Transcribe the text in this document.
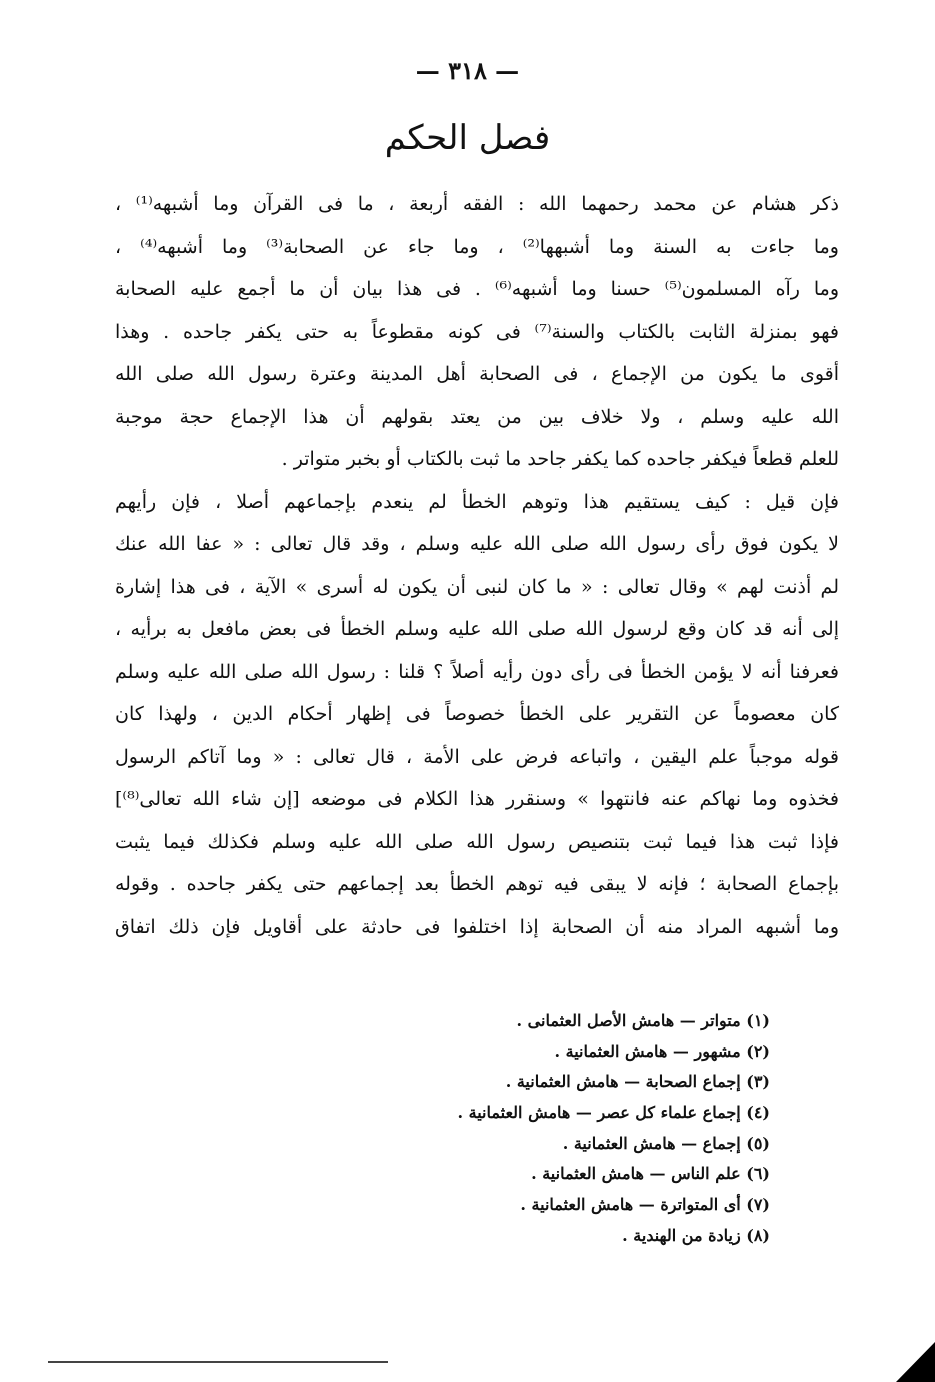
— ٣١٨ —
فصل الحكم
ذكر هشام عن محمد رحمهما الله : الفقه أربعة ، ما فى القرآن وما أشبهه⁽¹⁾ ،
وما جاءت به السنة وما أشبهها⁽²⁾ ، وما جاء عن الصحابة⁽³⁾ وما أشبهه⁽⁴⁾ ،
وما رآه المسلمون⁽⁵⁾ حسنا وما أشبهه⁽⁶⁾ . فى هذا بيان أن ما أجمع عليه الصحابة
فهو بمنزلة الثابت بالكتاب والسنة⁽⁷⁾ فى كونه مقطوعاً به حتى يكفر جاحده . وهذا
أقوى ما يكون من الإجماع ، فى الصحابة أهل المدينة وعترة رسول الله صلى الله
الله عليه وسلم ، ولا خلاف بين من يعتد بقولهم أن هذا الإجماع حجة موجبة
للعلم قطعاً فيكفر جاحده كما يكفر جاحد ما ثبت بالكتاب أو بخبر متواتر .
فإن قيل : كيف يستقيم هذا وتوهم الخطأ لم ينعدم بإجماعهم أصلا ، فإن رأيهم
لا يكون فوق رأى رسول الله صلى الله عليه وسلم ، وقد قال تعالى : « عفا الله عنك
لم أذنت لهم » وقال تعالى : « ما كان لنبى أن يكون له أسرى » الآية ، فى هذا إشارة
إلى أنه قد كان وقع لرسول الله صلى الله عليه وسلم الخطأ فى بعض مافعل به برأيه ،
فعرفنا أنه لا يؤمن الخطأ فى رأى دون رأيه أصلاً ؟ قلنا : رسول الله صلى الله عليه وسلم
كان معصوماً عن التقرير على الخطأ خصوصاً فى إظهار أحكام الدين ، ولهذا كان
قوله موجباً علم اليقين ، واتباعه فرض على الأمة ، قال تعالى : « وما آتاكم الرسول
فخذوه وما نهاكم عنه فانتهوا » وسنقرر هذا الكلام فى موضعه [إن شاء الله تعالى⁽⁸⁾]
فإذا ثبت هذا فيما ثبت بتنصيص رسول الله صلى الله عليه وسلم فكذلك فيما يثبت
بإجماع الصحابة ؛ فإنه لا يبقى فيه توهم الخطأ بعد إجماعهم حتى يكفر جاحده . وقوله
وما أشبهه المراد منه أن الصحابة إذا اختلفوا فى حادثة على أقاويل فإن ذلك اتفاق
(١) متواتر — هامش الأصل العثمانى .
(٢) مشهور — هامش العثمانية .
(٣) إجماع الصحابة — هامش العثمانية .
(٤) إجماع علماء كل عصر — هامش العثمانية .
(٥) إجماع — هامش العثمانية .
(٦) علم الناس — هامش العثمانية .
(٧) أى المتواترة — هامش العثمانية .
(٨) زيادة من الهندية .
